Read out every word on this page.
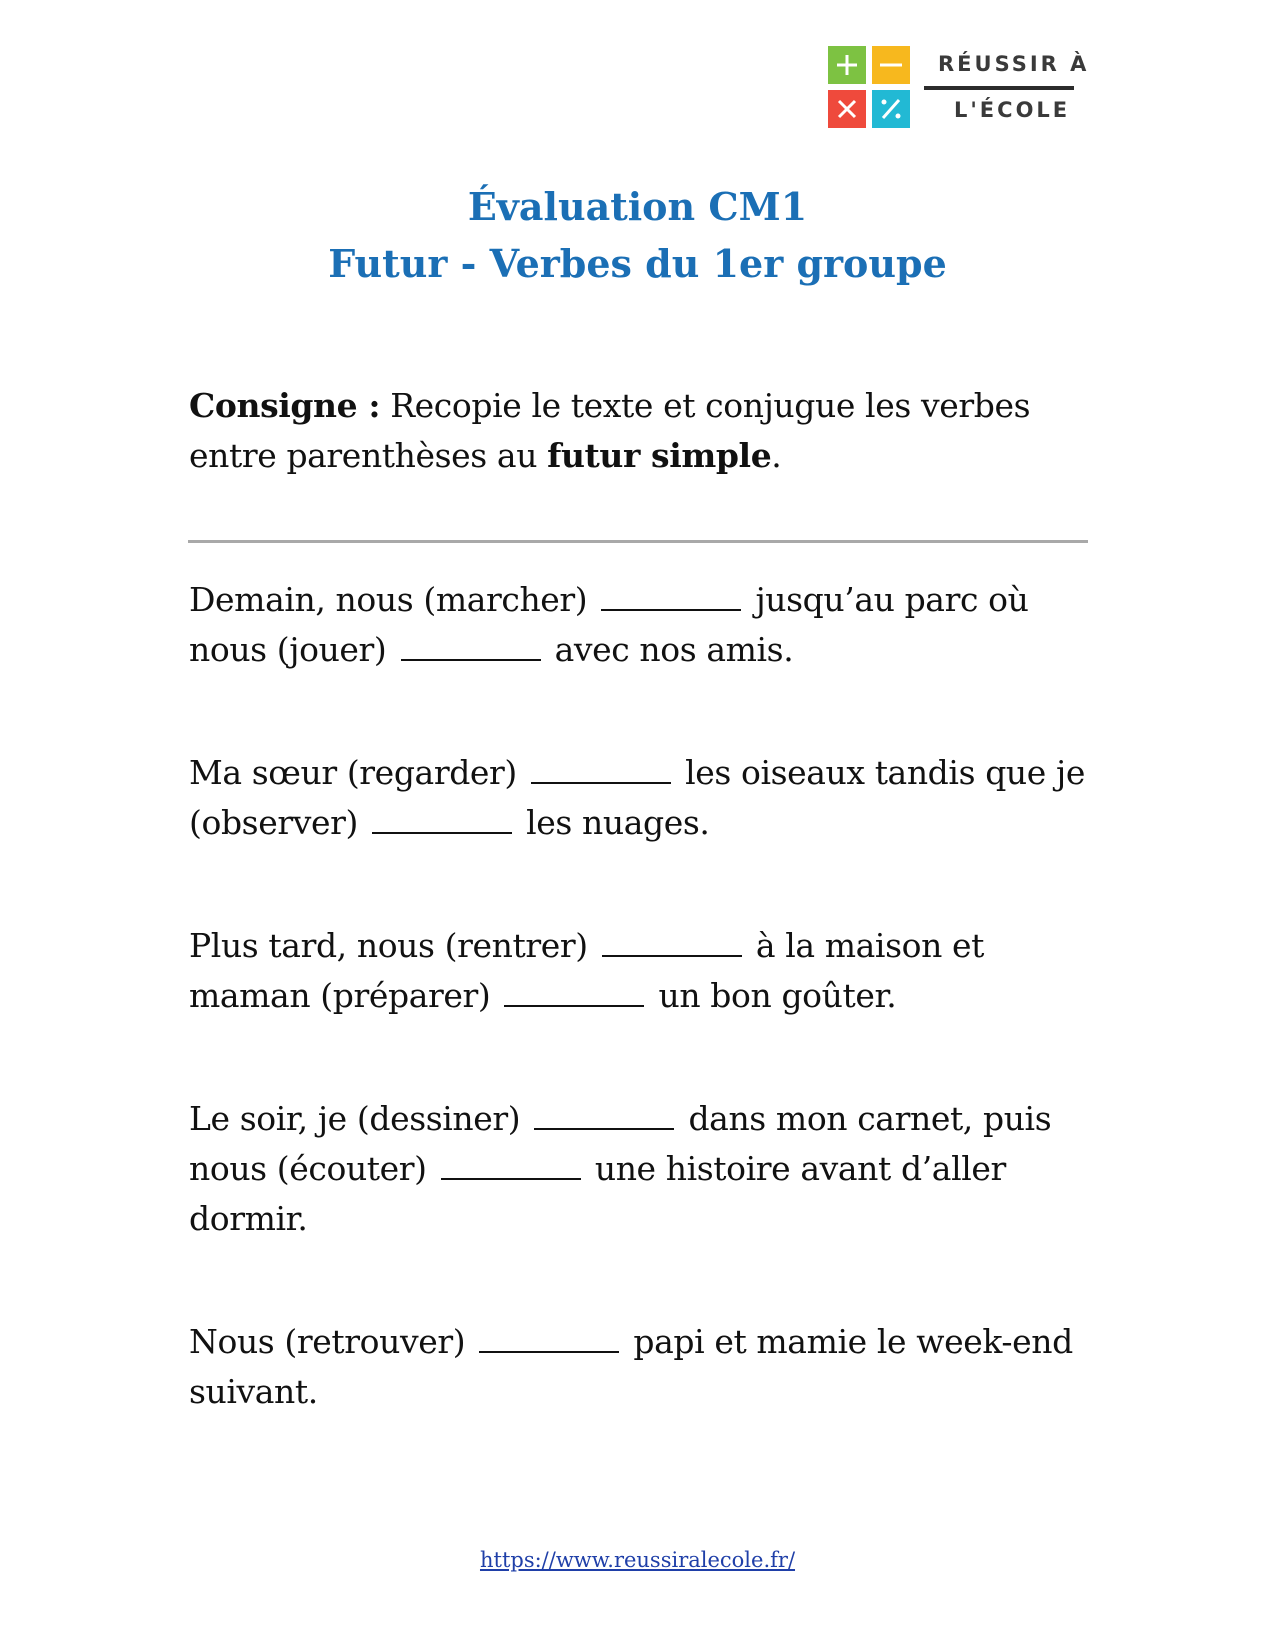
RÉUSSIR À
L'ÉCOLE
Évaluation CM1
Futur - Verbes du 1er groupe
Consigne : Recopie le texte et conjugue les verbes entre parenthèses au futur simple.
Demain, nous (marcher)	jusqu’au parc où nous (jouer)	avec nos amis.
Ma sœur (regarder)	les oiseaux tandis que je (observer)	les nuages.
Plus tard, nous (rentrer)	à la maison et maman (préparer)	un bon goûter.
Le soir, je (dessiner)	dans mon carnet, puis nous (écouter)	une histoire avant d’aller dormir.
Nous (retrouver)	papi et mamie le week-end suivant.
https://www.reussiralecole.fr/
